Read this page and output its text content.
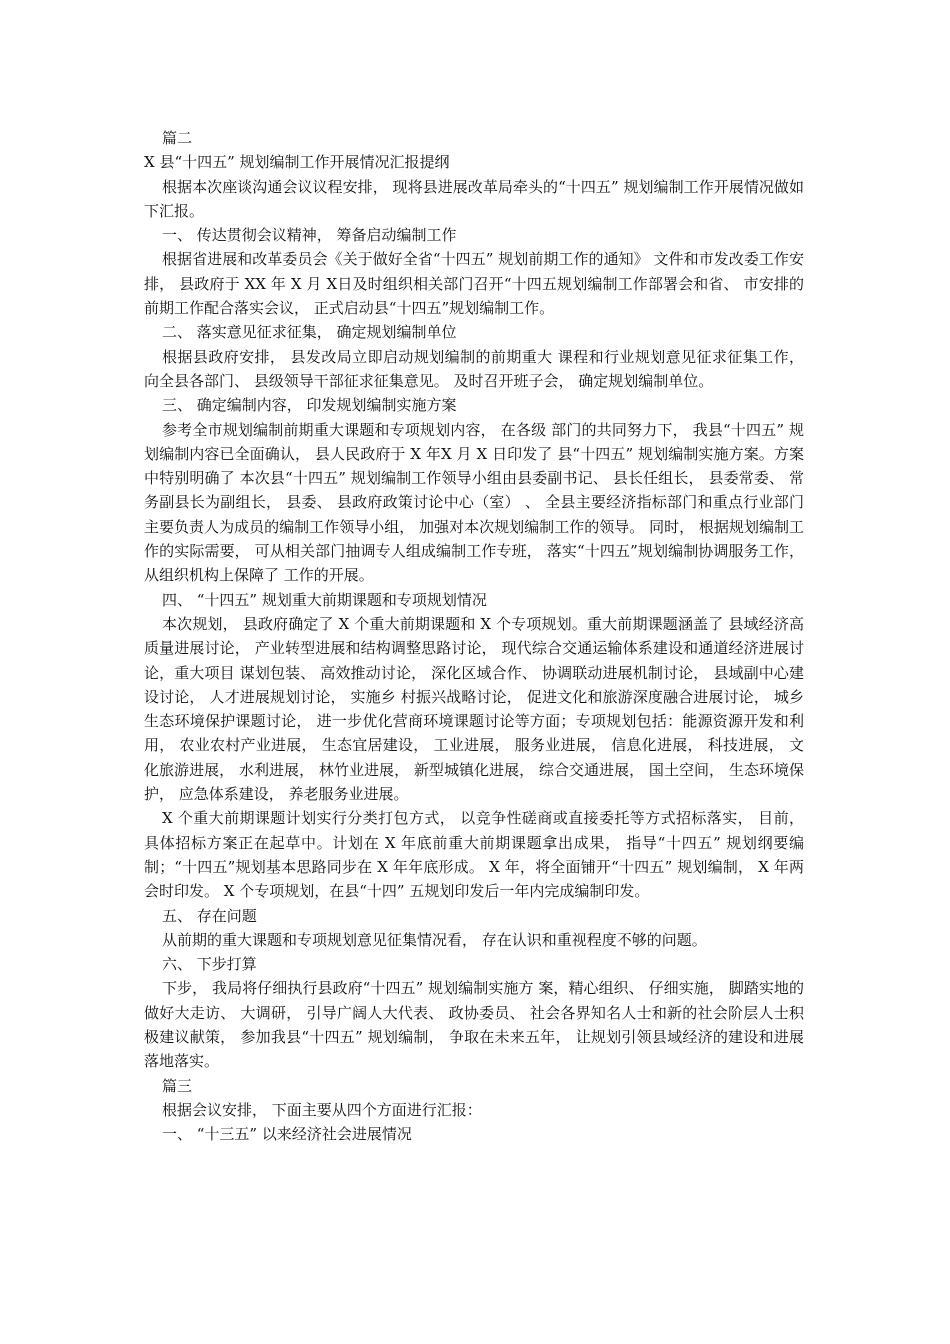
篇二

X 县“十四五” 规划编制工作开展情况汇报提纲

根据本次座谈沟通会议议程安排， 现将县进展改革局牵头的“十四五” 规划编制工作开展情况做如下汇报。

一、 传达贯彻会议精神， 筹备启动编制工作

根据省进展和改革委员会《关于做好全省“十四五” 规划前期工作的通知》 文件和市发改委工作安排， 县政府于 XX 年 X 月 X日及时组织相关部门召开“十四五规划编制工作部署会和省、 市安排的前期工作配合落实会议， 正式启动县“十四五”规划编制工作。

二、 落实意见征求征集， 确定规划编制单位

根据县政府安排， 县发改局立即启动规划编制的前期重大 课程和行业规划意见征求征集工作， 向全县各部门、 县级领导干部征求征集意见。 及时召开班子会， 确定规划编制单位。

三、 确定编制内容， 印发规划编制实施方案

参考全市规划编制前期重大课题和专项规划内容， 在各级 部门的共同努力下， 我县“十四五” 规划编制内容已全面确认， 县人民政府于 X 年X 月 X 日印发了 县“十四五” 规划编制实施方案。方案中特别明确了 本次县“十四五” 规划编制工作领导小组由县委副书记、 县长任组长， 县委常委、 常务副县长为副组长， 县委、 县政府政策讨论中心（室） 、 全县主要经济指标部门和重点行业部门主要负责人为成员的编制工作领导小组， 加强对本次规划编制工作的领导。 同时， 根据规划编制工作的实际需要， 可从相关部门抽调专人组成编制工作专班， 落实“十四五”规划编制协调服务工作，从组织机构上保障了 工作的开展。

四、 “十四五” 规划重大前期课题和专项规划情况

本次规划， 县政府确定了 X 个重大前期课题和 X 个专项规划。重大前期课题涵盖了 县域经济高质量进展讨论， 产业转型进展和结构调整思路讨论， 现代综合交通运输体系建设和通道经济进展讨论，重大项目 谋划包装、 高效推动讨论， 深化区域合作、 协调联动进展机制讨论， 县域副中心建设讨论， 人才进展规划讨论， 实施乡 村振兴战略讨论， 促进文化和旅游深度融合进展讨论， 城乡 生态环境保护课题讨论， 进一步优化营商环境课题讨论等方面；专项规划包括：能源资源开发和利用， 农业农村产业进展， 生态宜居建设， 工业进展， 服务业进展， 信息化进展， 科技进展， 文化旅游进展， 水利进展， 林竹业进展， 新型城镇化进展， 综合交通进展， 国土空间， 生态环境保护， 应急体系建设， 养老服务业进展。

X 个重大前期课题计划实行分类打包方式， 以竞争性磋商或直接委托等方式招标落实， 目前， 具体招标方案正在起草中。计划在 X 年底前重大前期课题拿出成果， 指导“十四五” 规划纲要编制；“十四五”规划基本思路同步在 X 年年底形成。 X 年，将全面铺开“十四五” 规划编制， X 年两会时印发。 X 个专项规划，在县“十四” 五规划印发后一年内完成编制印发。

五、 存在问题

从前期的重大课题和专项规划意见征集情况看， 存在认识和重视程度不够的问题。

六、 下步打算

下步， 我局将仔细执行县政府“十四五” 规划编制实施方 案，精心组织、 仔细实施， 脚踏实地的做好大走访、 大调研， 引导广阔人大代表、 政协委员、 社会各界知名人士和新的社会阶层人士积极建议献策， 参加我县“十四五” 规划编制， 争取在未来五年， 让规划引领县域经济的建设和进展落地落实。

篇三

根据会议安排， 下面主要从四个方面进行汇报：

一、 “十三五” 以来经济社会进展情况
